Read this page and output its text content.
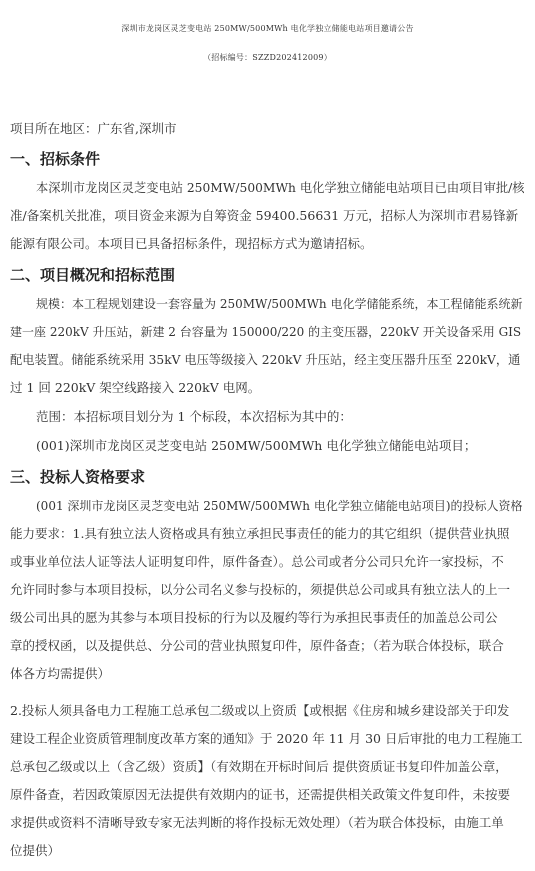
深圳市龙岗区灵芝变电站 250MW/500MWh 电化学独立储能电站项目邀请公告
（招标编号：SZZD202412009）
项目所在地区：广东省,深圳市
一、招标条件
本深圳市龙岗区灵芝变电站 250MW/500MWh 电化学独立储能电站项目已由项目审批/核
准/备案机关批准，项目资金来源为自筹资金 59400.56631 万元，招标人为深圳市君易锋新
能源有限公司。本项目已具备招标条件，现招标方式为邀请招标。
二、项目概况和招标范围
规模：本工程规划建设一套容量为 250MW/500MWh 电化学储能系统，本工程储能系统新
建一座 220kV 升压站，新建 2 台容量为 150000/220 的主变压器，220kV 开关设备采用 GIS
配电装置。储能系统采用 35kV 电压等级接入 220kV 升压站，经主变压器升压至 220kV，通
过 1 回 220kV 架空线路接入 220kV 电网。
范围：本招标项目划分为 1 个标段，本次招标为其中的：
(001)深圳市龙岗区灵芝变电站 250MW/500MWh 电化学独立储能电站项目；
三、投标人资格要求
(001 深圳市龙岗区灵芝变电站 250MW/500MWh 电化学独立储能电站项目)的投标人资格
能力要求：1.具有独立法人资格或具有独立承担民事责任的能力的其它组织（提供营业执照
或事业单位法人证等法人证明复印件，原件备查）。总公司或者分公司只允许一家投标，不
允许同时参与本项目投标，以分公司名义参与投标的，须提供总公司或具有独立法人的上一
级公司出具的愿为其参与本项目投标的行为以及履约等行为承担民事责任的加盖总公司公
章的授权函，以及提供总、分公司的营业执照复印件，原件备查；（若为联合体投标，联合
体各方均需提供）
2.投标人须具备电力工程施工总承包二级或以上资质【或根据《住房和城乡建设部关于印发
建设工程企业资质管理制度改革方案的通知》于 2020 年 11 月 30 日后审批的电力工程施工
总承包乙级或以上（含乙级）资质】（有效期在开标时间后 提供资质证书复印件加盖公章，
原件备查，若因政策原因无法提供有效期内的证书，还需提供相关政策文件复印件，未按要
求提供或资料不清晰导致专家无法判断的将作投标无效处理）（若为联合体投标，由施工单
位提供）
